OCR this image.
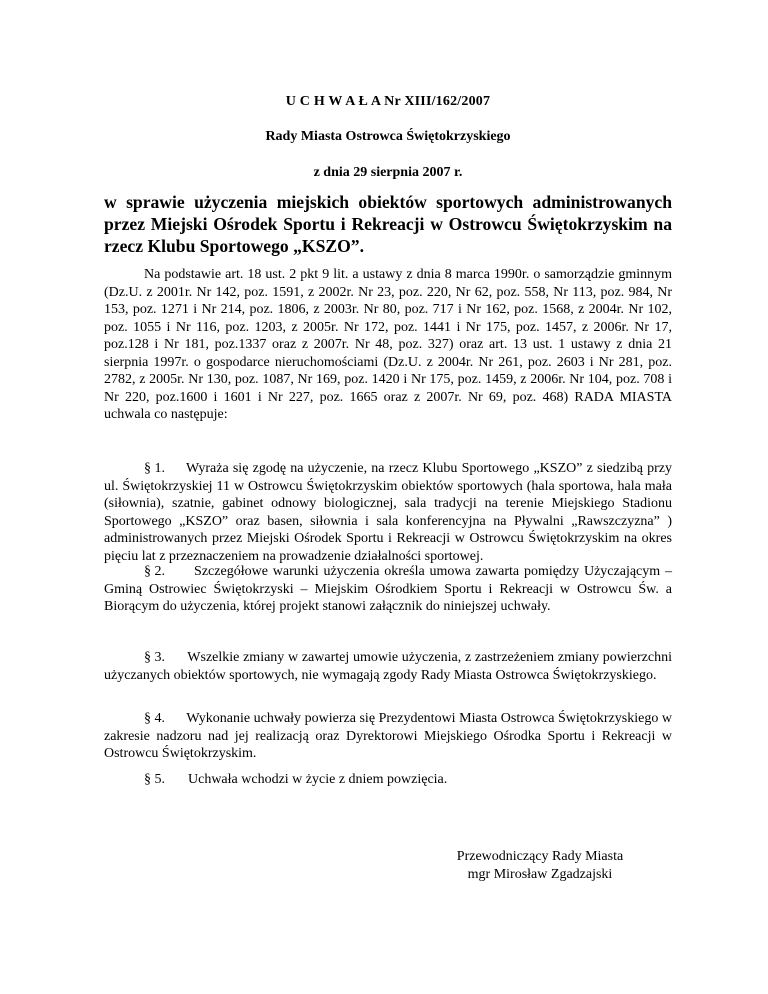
U C H W A Ł A Nr XIII/162/2007
Rady Miasta Ostrowca Świętokrzyskiego
z dnia 29 sierpnia 2007 r.
w sprawie użyczenia miejskich obiektów sportowych administrowanych przez Miejski Ośrodek Sportu i Rekreacji w Ostrowcu Świętokrzyskim na rzecz Klubu Sportowego „KSZO”.
Na podstawie art. 18 ust. 2 pkt 9 lit. a ustawy z dnia 8 marca 1990r. o samorządzie gminnym (Dz.U. z 2001r. Nr 142, poz. 1591, z 2002r. Nr 23, poz. 220, Nr 62, poz. 558, Nr 113, poz. 984, Nr 153, poz. 1271 i Nr 214, poz. 1806, z 2003r. Nr 80, poz. 717 i Nr 162, poz. 1568, z 2004r. Nr 102, poz. 1055 i Nr 116, poz. 1203, z 2005r. Nr 172, poz. 1441 i Nr 175, poz. 1457, z 2006r. Nr 17, poz.128 i Nr 181, poz.1337 oraz z 2007r. Nr 48, poz. 327) oraz art. 13 ust. 1 ustawy z dnia 21 sierpnia 1997r. o gospodarce nieruchomościami (Dz.U. z 2004r. Nr 261, poz. 2603 i Nr 281, poz. 2782, z 2005r. Nr 130, poz. 1087, Nr 169, poz. 1420 i Nr 175, poz. 1459, z 2006r. Nr 104, poz. 708 i Nr 220, poz.1600 i 1601 i Nr 227, poz. 1665 oraz z 2007r. Nr 69, poz. 468) RADA MIASTA uchwala co następuje:
§ 1. Wyraża się zgodę na użyczenie, na rzecz Klubu Sportowego „KSZO” z siedzibą przy ul. Świętokrzyskiej 11 w Ostrowcu Świętokrzyskim obiektów sportowych (hala sportowa, hala mała (siłownia), szatnie, gabinet odnowy biologicznej, sala tradycji na terenie Miejskiego Stadionu Sportowego „KSZO” oraz basen, siłownia i sala konferencyjna na Pływalni „Rawszczyzna” ) administrowanych przez Miejski Ośrodek Sportu i Rekreacji w Ostrowcu Świętokrzyskim na okres pięciu lat z przeznaczeniem na prowadzenie działalności sportowej.
§ 2. Szczegółowe warunki użyczenia określa umowa zawarta pomiędzy Użyczającym – Gminą Ostrowiec Świętokrzyski – Miejskim Ośrodkiem Sportu i Rekreacji w Ostrowcu Św. a Biorącym do użyczenia, której projekt stanowi załącznik do niniejszej uchwały.
§ 3. Wszelkie zmiany w zawartej umowie użyczenia, z zastrzeżeniem zmiany powierzchni użyczanych obiektów sportowych, nie wymagają zgody Rady Miasta Ostrowca Świętokrzyskiego.
§ 4. Wykonanie uchwały powierza się Prezydentowi Miasta Ostrowca Świętokrzyskiego w zakresie nadzoru nad jej realizacją oraz Dyrektorowi Miejskiego Ośrodka Sportu i Rekreacji w Ostrowcu Świętokrzyskim.
§ 5. Uchwała wchodzi w życie z dniem powzięcia.
Przewodniczący Rady Miasta
mgr Mirosław Zgadzajski
